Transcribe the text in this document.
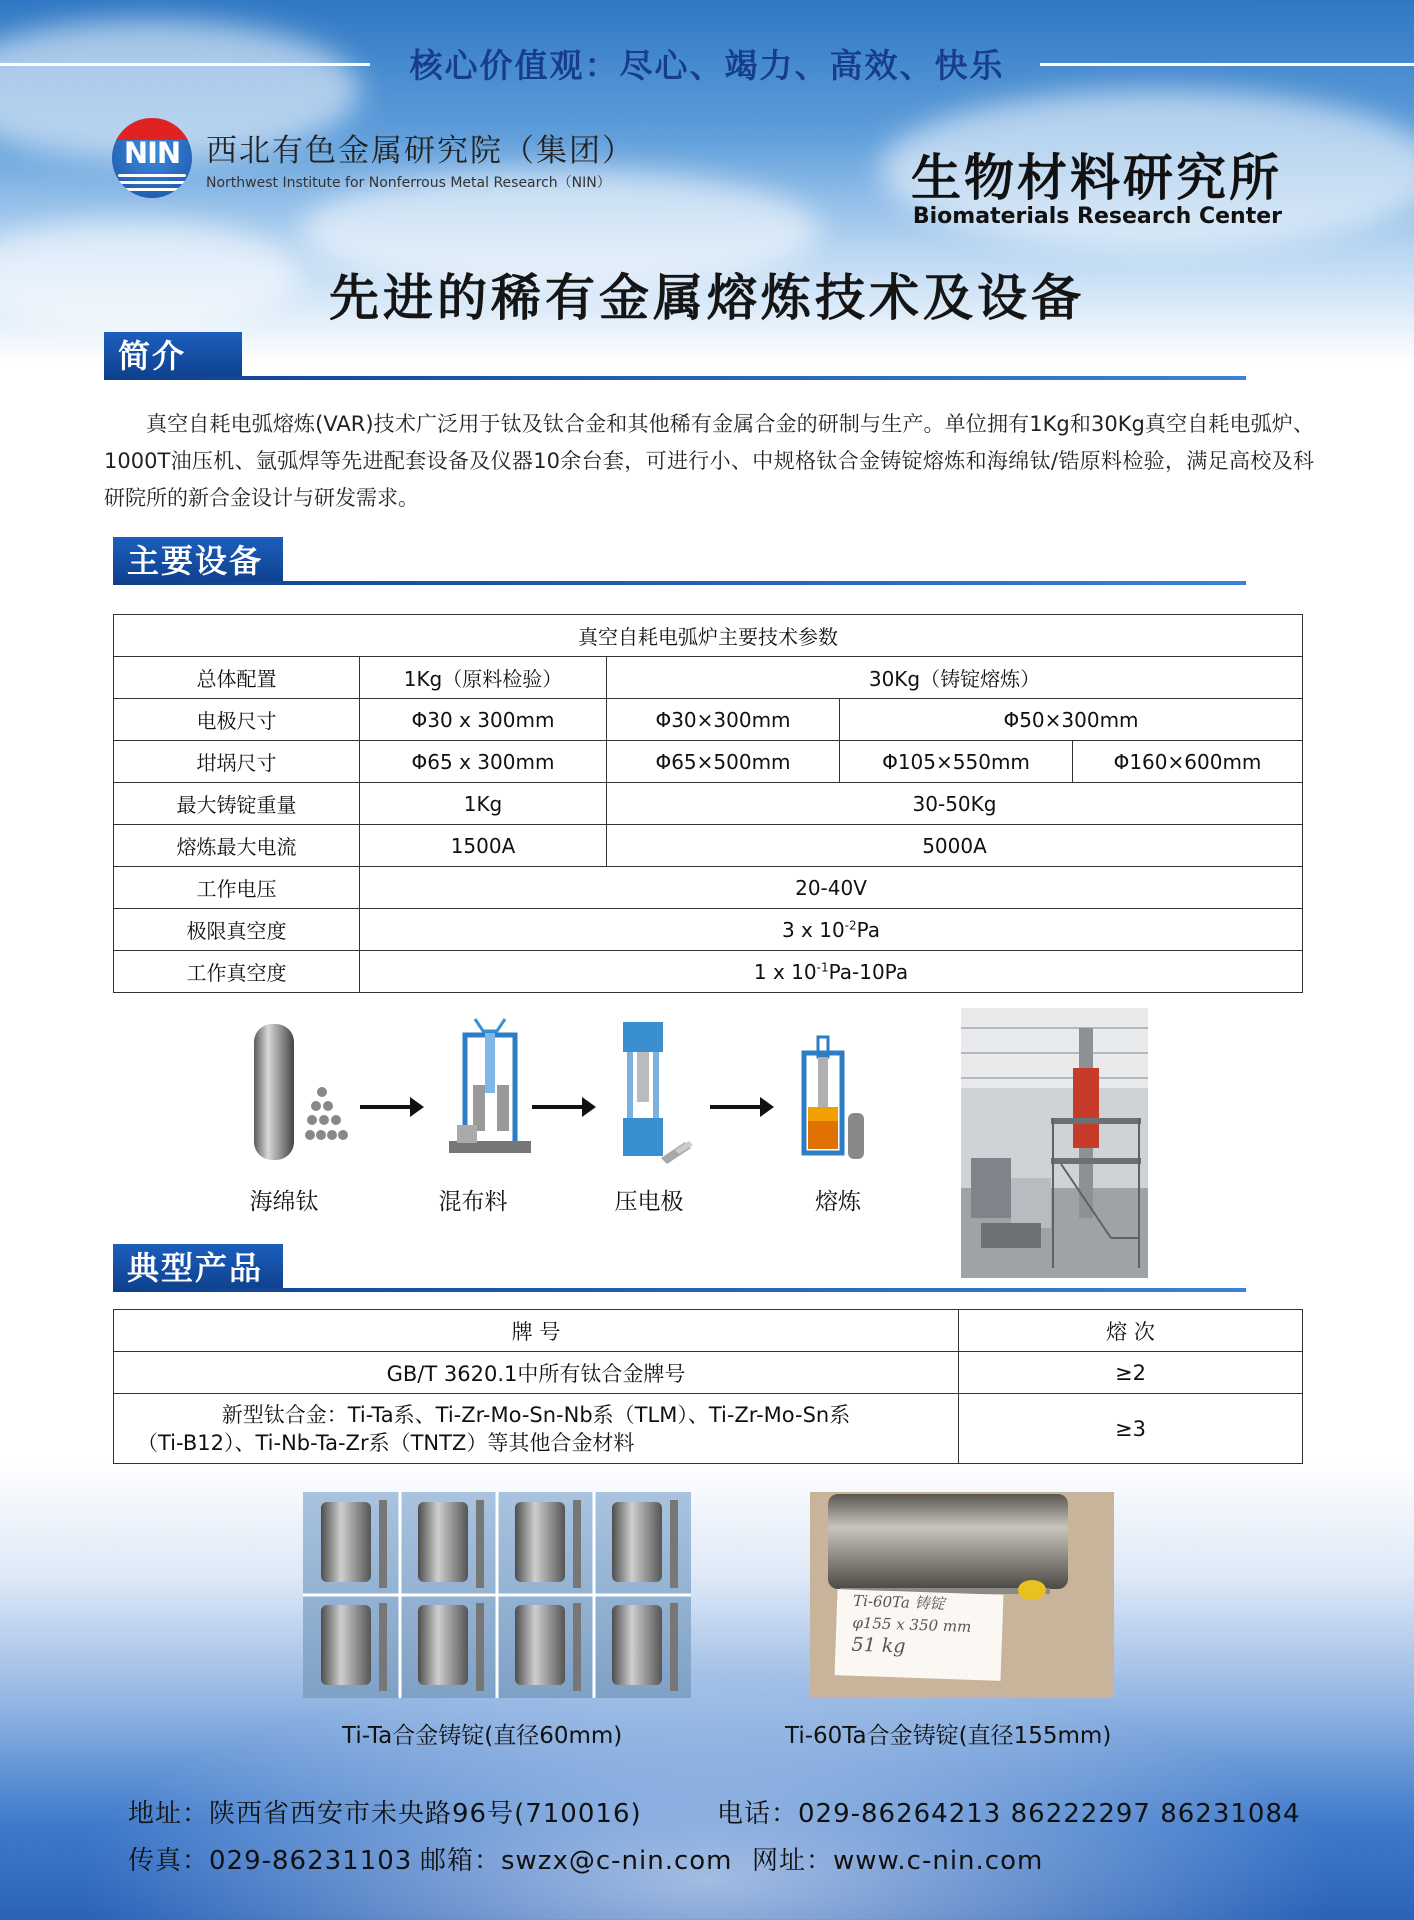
核心价值观：尽心、竭力、高效、快乐
NIN 西北有色金属研究院（集团）
Northwest Institute for Nonferrous Metal Research（NIN）	生物材料研究所
Biomaterials Research Center
先进的稀有金属熔炼技术及设备
简介

真空自耗电弧熔炼(VAR)技术广泛用于钛及钛合金和其他稀有金属合金的研制与生产。单位拥有1Kg和30Kg真空自耗电弧炉、1000T油压机、氩弧焊等先进配套设备及仪器10余台套，可进行小、中规格钛合金铸锭熔炼和海绵钛/锆原料检验，满足高校及科研院所的新合金设计与研发需求。

主要设备
真空自耗电弧炉主要技术参数				
总体配置	1Kg（原料检验）	30Kg（铸锭熔炼）		
电极尺寸	Φ30 x 300mm	Φ30×300mm	Φ50×300mm	
坩埚尺寸	Φ65 x 300mm	Φ65×500mm	Φ105×550mm	Φ160×600mm
最大铸锭重量	1Kg	30-50Kg		
熔炼最大电流	1500A	5000A		
工作电压	20-40V			
极限真空度	3 x $10^{-2}Pa$			
工作真空度	1 x $10^{-1}Pa-10Pa$			
海绵钛	混布料	压电极	熔炼
典型产品
牌 号	熔 次
GB/T 3620.1中所有钛合金牌号	≥2

新型钛合金：Ti-Ta系、Ti-Zr-Mo-Sn-Nb系（TLM）、Ti-Zr-Mo-Sn系
（Ti-B12）、Ti-Nb-Ta-Zr系（TNTZ）等其他合金材料	≥3
Ti-Ta合金铸锭(直径60mm)
Ti-60Ta 铸锭
φ155 x 350 mm
51 kg
Ti-60Ta合金铸锭(直径155mm)
地址：陕西省西安市未央路96号(710016)	电话：029-86264213 86222297 86231084
传真：029-86231103 邮箱：swzx@c-nin.com 网址：www.c-nin.com
